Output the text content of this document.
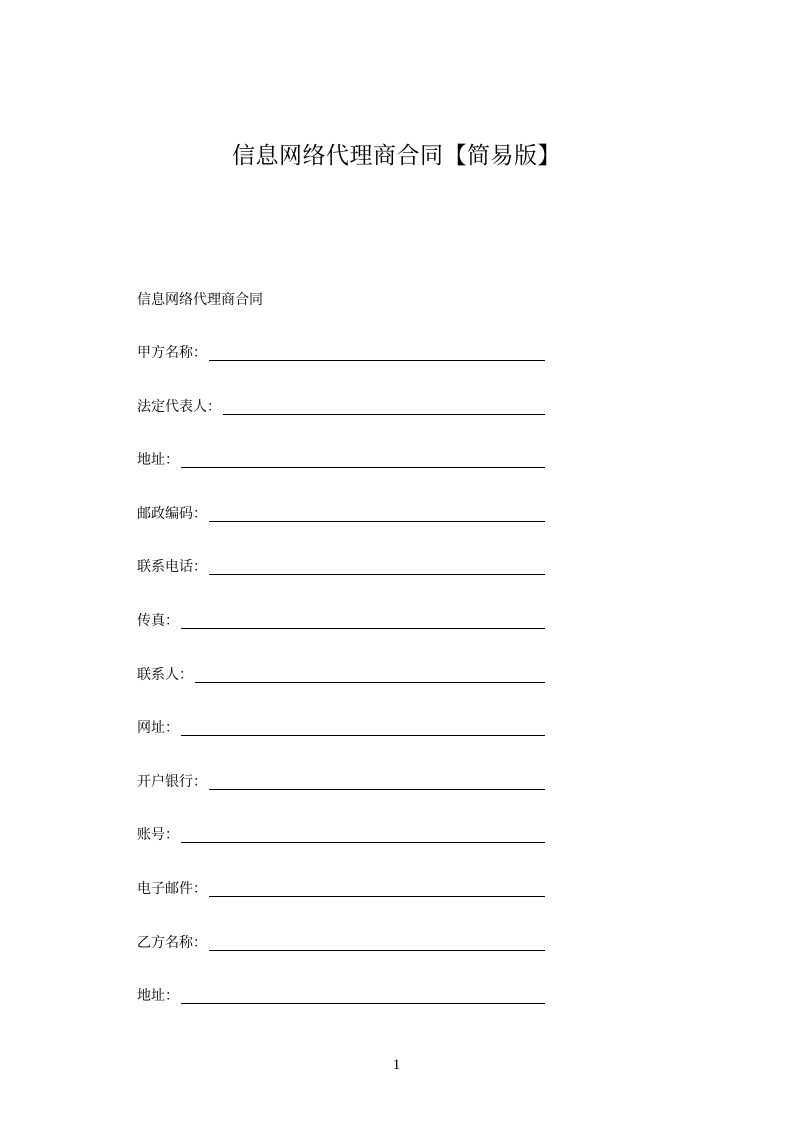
信息网络代理商合同【简易版】
信息网络代理商合同
甲方名称：
法定代表人：
地址：
邮政编码：
联系电话：
传真：
联系人：
网址：
开户银行：
账号：
电子邮件：
乙方名称：
地址：
1
